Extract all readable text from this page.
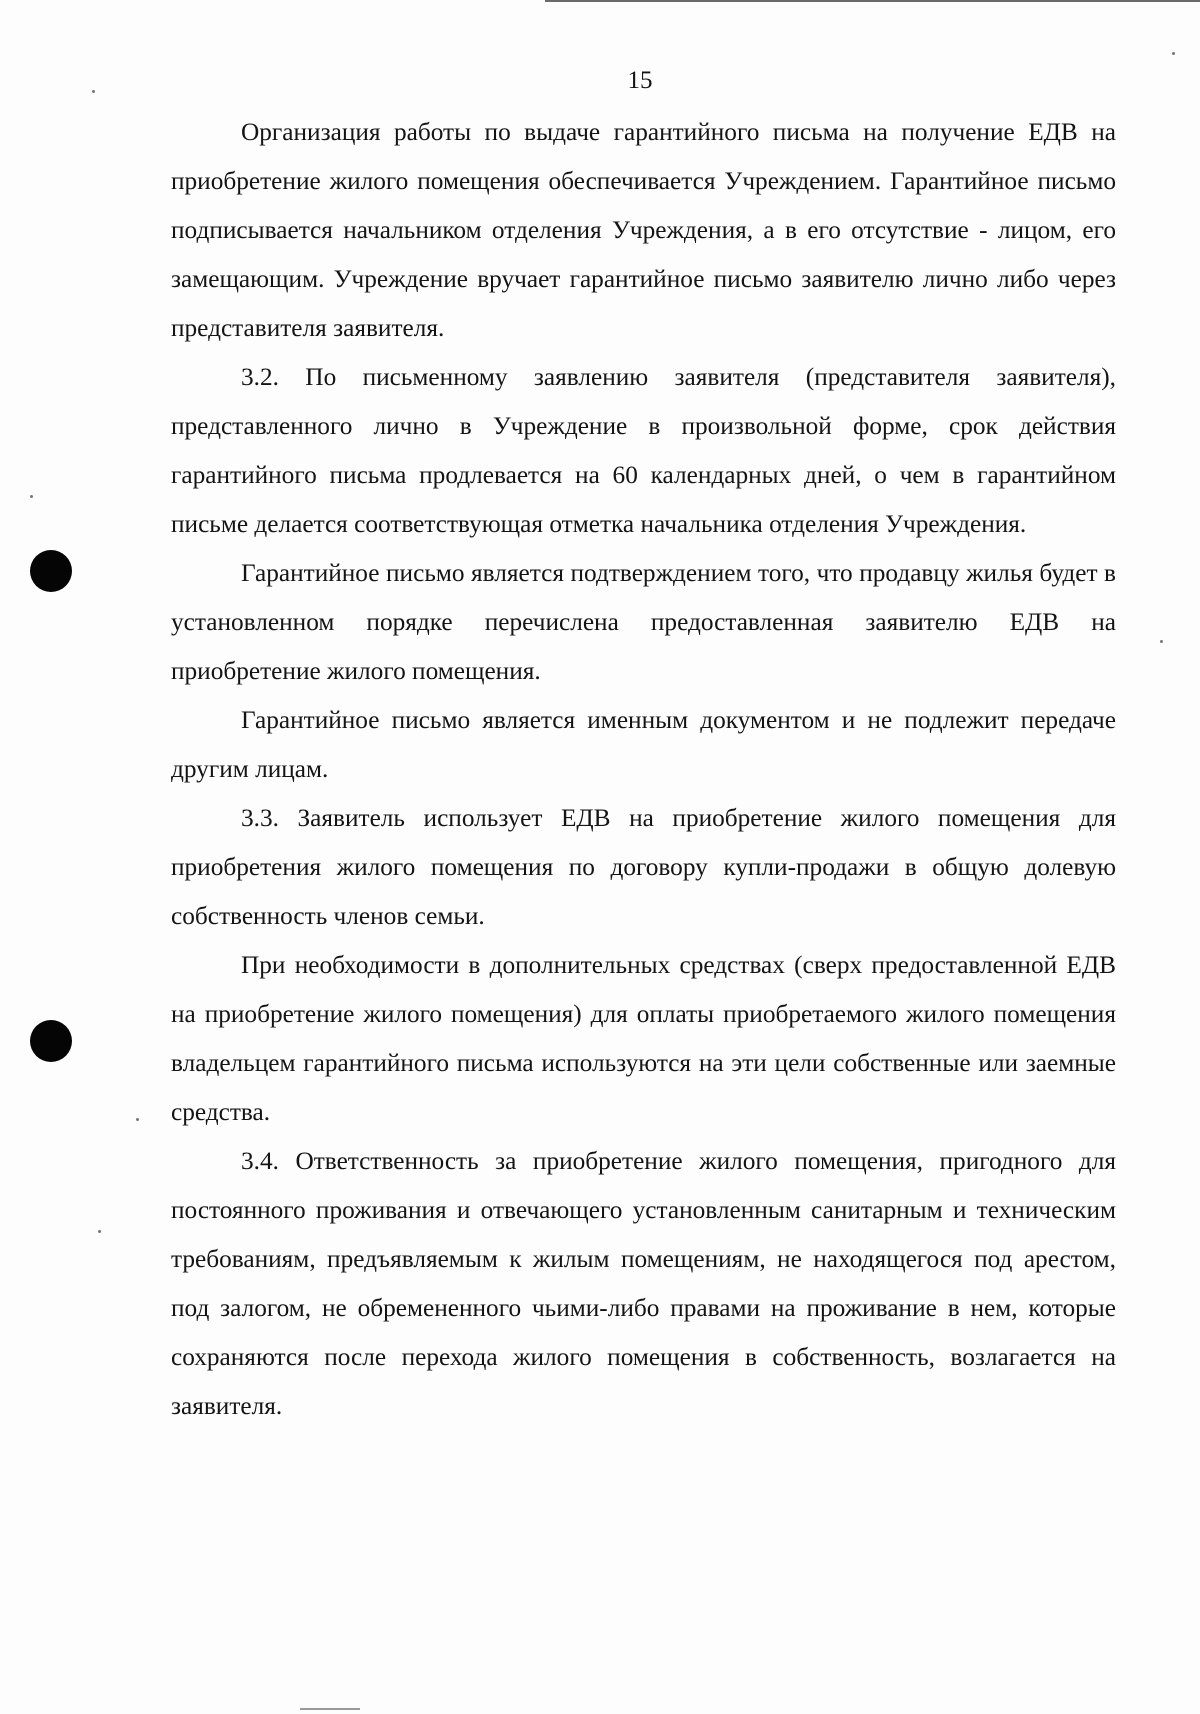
15

Организация работы по выдаче гарантийного письма на получение ЕДВ на приобретение жилого помещения обеспечивается Учреждением. Гарантийное письмо подписывается начальником отделения Учреждения, а в его отсутствие - лицом, его замещающим. Учреждение вручает гарантийное письмо заявителю лично либо через представителя заявителя.

3.2. По письменному заявлению заявителя (представителя заявителя), представленного лично в Учреждение в произвольной форме, срок действия гарантийного письма продлевается на 60 календарных дней, о чем в гарантийном письме делается соответствующая отметка начальника отделения Учреждения.

Гарантийное письмо является подтверждением того, что продавцу жилья будет в установленном порядке перечислена предоставленная заявителю ЕДВ на приобретение жилого помещения.

Гарантийное письмо является именным документом и не подлежит передаче другим лицам.

3.3. Заявитель использует ЕДВ на приобретение жилого помещения для приобретения жилого помещения по договору купли-продажи в общую долевую собственность членов семьи.

При необходимости в дополнительных средствах (сверх предоставленной ЕДВ на приобретение жилого помещения) для оплаты приобретаемого жилого помещения владельцем гарантийного письма используются на эти цели собственные или заемные средства.

3.4. Ответственность за приобретение жилого помещения, пригодного для постоянного проживания и отвечающего установленным санитарным и техническим требованиям, предъявляемым к жилым помещениям, не находящегося под арестом, под залогом, не обремененного чьими-либо правами на проживание в нем, которые сохраняются после перехода жилого помещения в собственность, возлагается на заявителя.
